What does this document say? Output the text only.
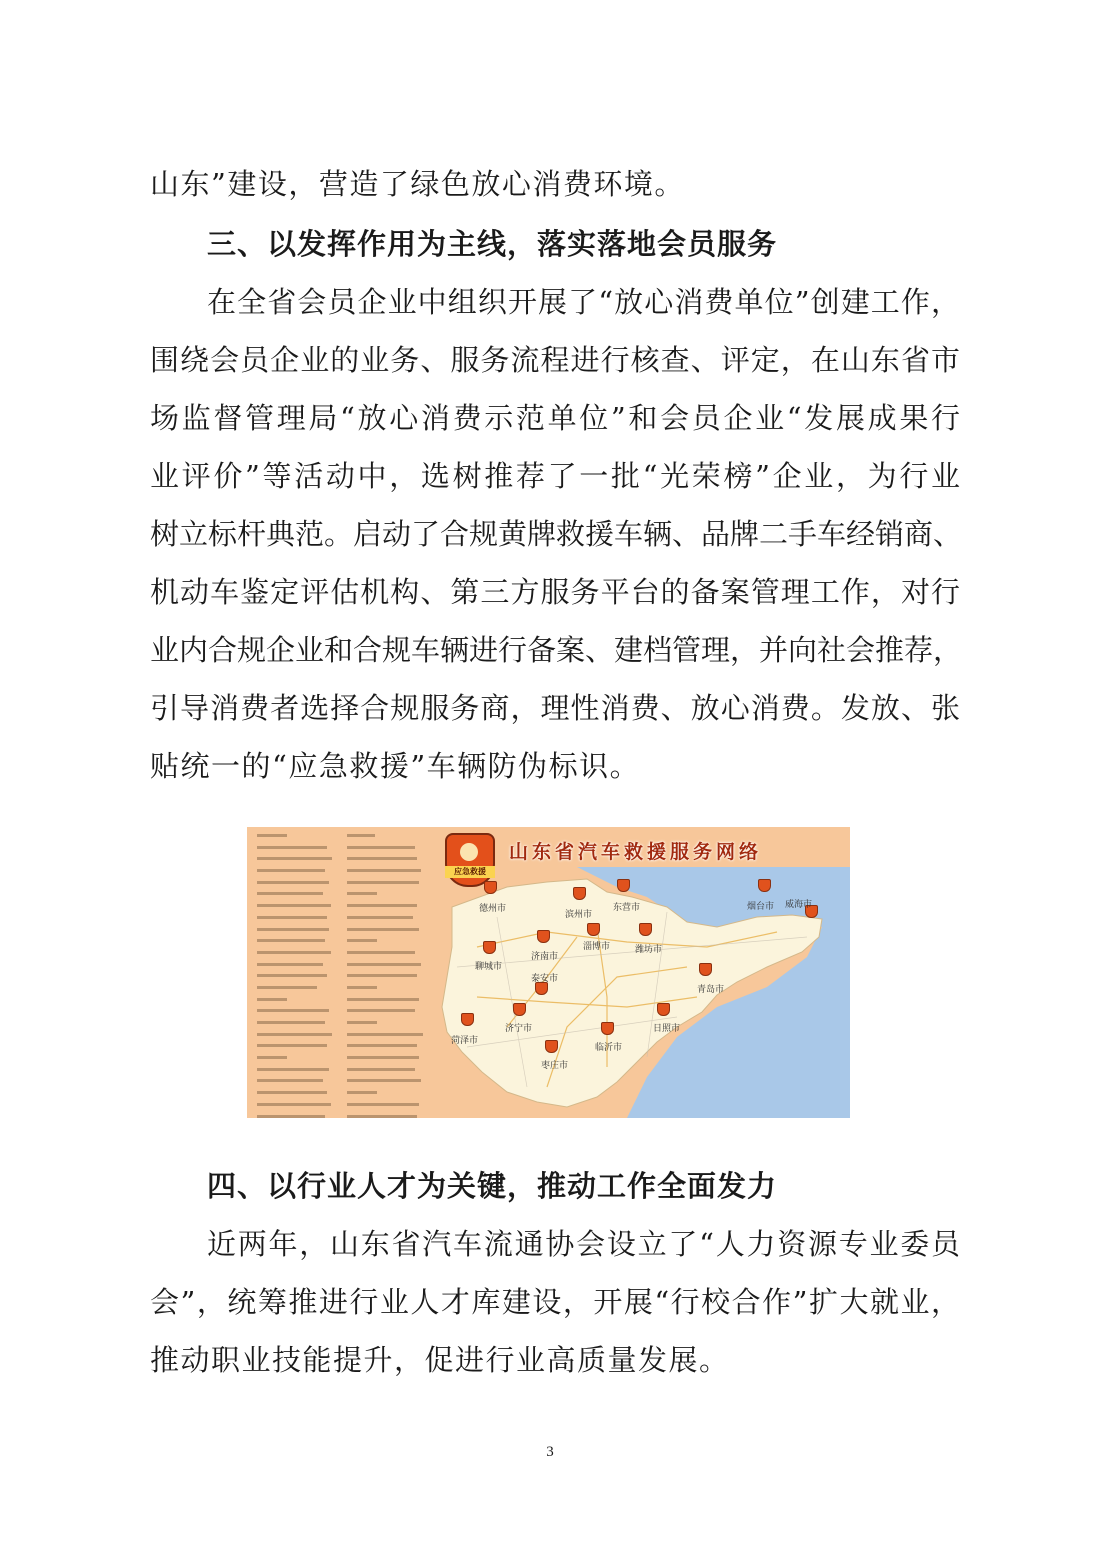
山东”建设，营造了绿色放心消费环境。
三、以发挥作用为主线，落实落地会员服务
在全省会员企业中组织开展了“放心消费单位”创建工作，
围绕会员企业的业务、服务流程进行核查、评定，在山东省市
场监督管理局“放心消费示范单位”和会员企业“发展成果行
业评价”等活动中，选树推荐了一批“光荣榜”企业，为行业
树立标杆典范。启动了合规黄牌救援车辆、品牌二手车经销商、
机动车鉴定评估机构、第三方服务平台的备案管理工作，对行
业内合规企业和合规车辆进行备案、建档管理，并向社会推荐，
引导消费者选择合规服务商，理性消费、放心消费。发放、张
贴统一的“应急救援”车辆防伪标识。
应急救援
山东省汽车救援服务网络
德州市
滨州市
东营市	烟台市 威海市
济南市
淄博市	潍坊市
聊城市
泰安市
青岛市
济宁市
菏泽市
日照市
临沂市
枣庄市
四、以行业人才为关键，推动工作全面发力
近两年，山东省汽车流通协会设立了“人力资源专业委员
会”，统筹推进行业人才库建设，开展“行校合作”扩大就业，
推动职业技能提升，促进行业高质量发展。
3
